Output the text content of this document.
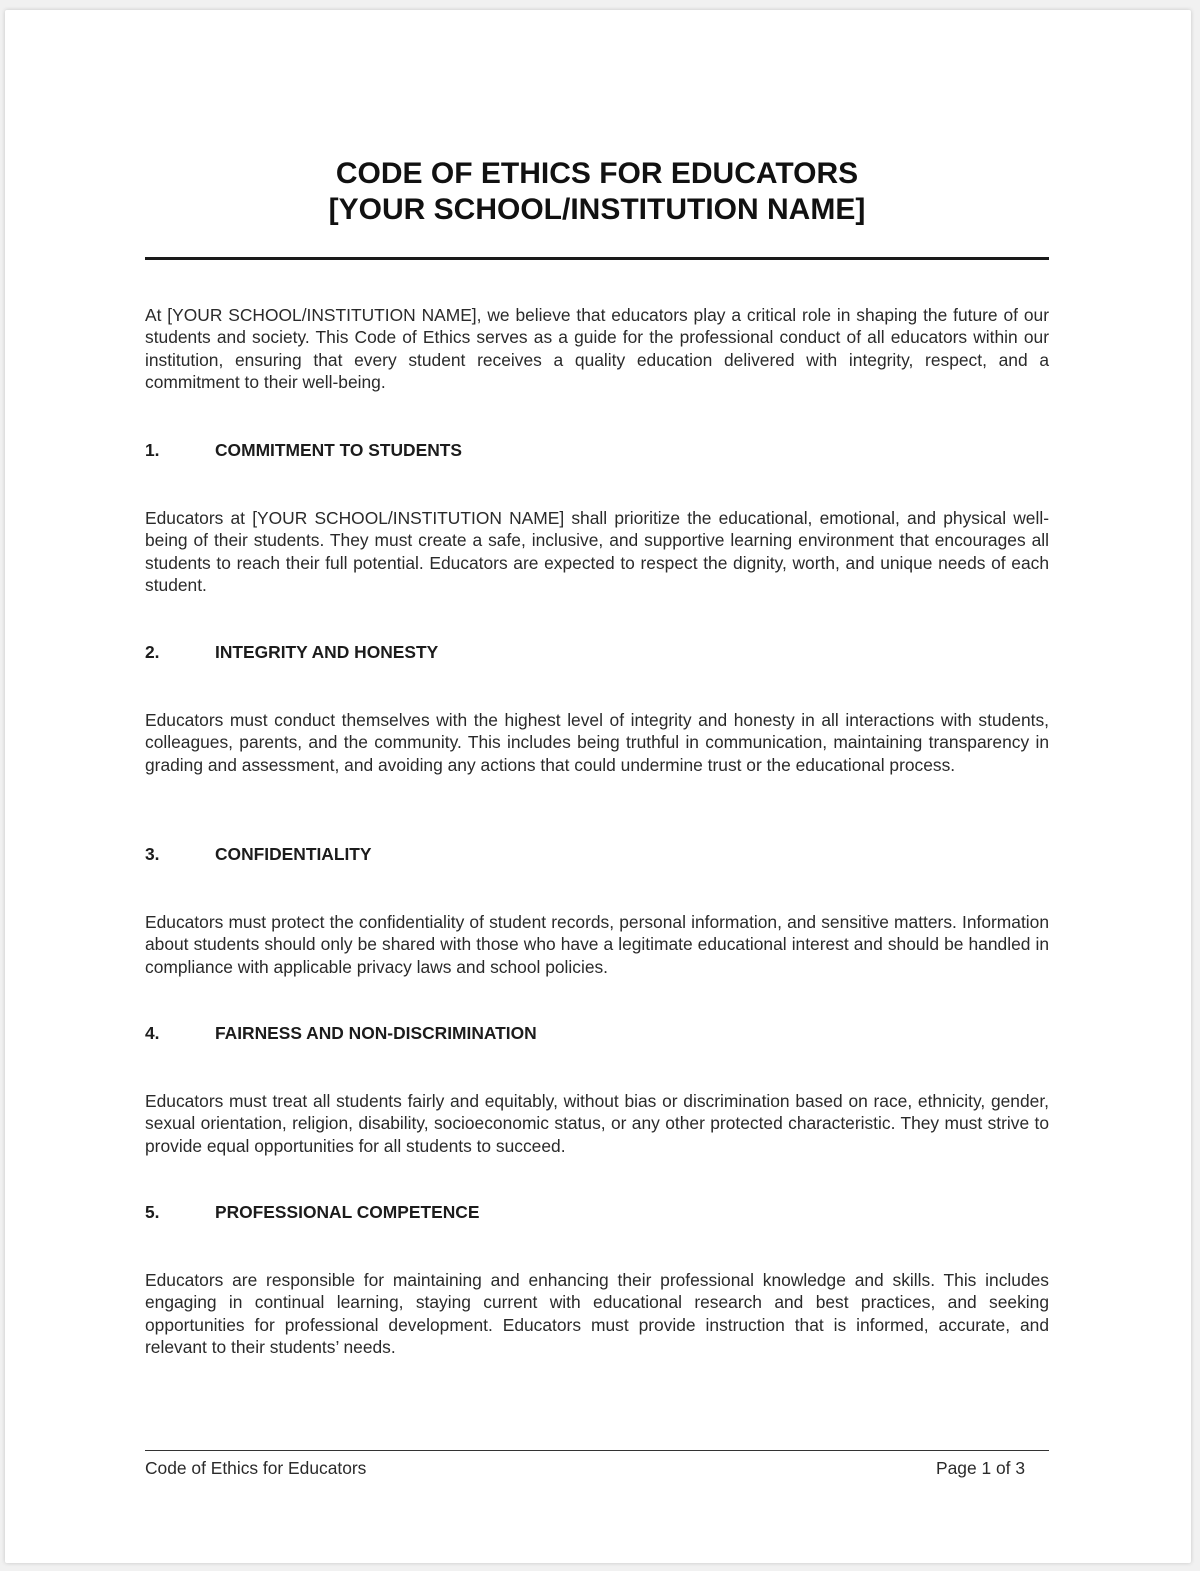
CODE OF ETHICS FOR EDUCATORS
[YOUR SCHOOL/INSTITUTION NAME]

At [YOUR SCHOOL/INSTITUTION NAME], we believe that educators play a critical role in shaping the future of our students and society. This Code of Ethics serves as a guide for the professional conduct of all educators within our institution, ensuring that every student receives a quality education delivered with integrity, respect, and a commitment to their well-being.

1.	COMMITMENT TO STUDENTS

Educators at [YOUR SCHOOL/INSTITUTION NAME] shall prioritize the educational, emotional, and physical well-being of their students. They must create a safe, inclusive, and supportive learning environment that encourages all students to reach their full potential. Educators are expected to respect the dignity, worth, and unique needs of each student.

2.	INTEGRITY AND HONESTY

Educators must conduct themselves with the highest level of integrity and honesty in all interactions with students, colleagues, parents, and the community. This includes being truthful in communication, maintaining transparency in grading and assessment, and avoiding any actions that could undermine trust or the educational process.

3.	CONFIDENTIALITY

Educators must protect the confidentiality of student records, personal information, and sensitive matters. Information about students should only be shared with those who have a legitimate educational interest and should be handled in compliance with applicable privacy laws and school policies.

4.	FAIRNESS AND NON-DISCRIMINATION

Educators must treat all students fairly and equitably, without bias or discrimination based on race, ethnicity, gender, sexual orientation, religion, disability, socioeconomic status, or any other protected characteristic. They must strive to provide equal opportunities for all students to succeed.

5.	PROFESSIONAL COMPETENCE

Educators are responsible for maintaining and enhancing their professional knowledge and skills. This includes engaging in continual learning, staying current with educational research and best practices, and seeking opportunities for professional development. Educators must provide instruction that is informed, accurate, and relevant to their students’ needs.

Code of Ethics for Educators	Page 1 of 3
